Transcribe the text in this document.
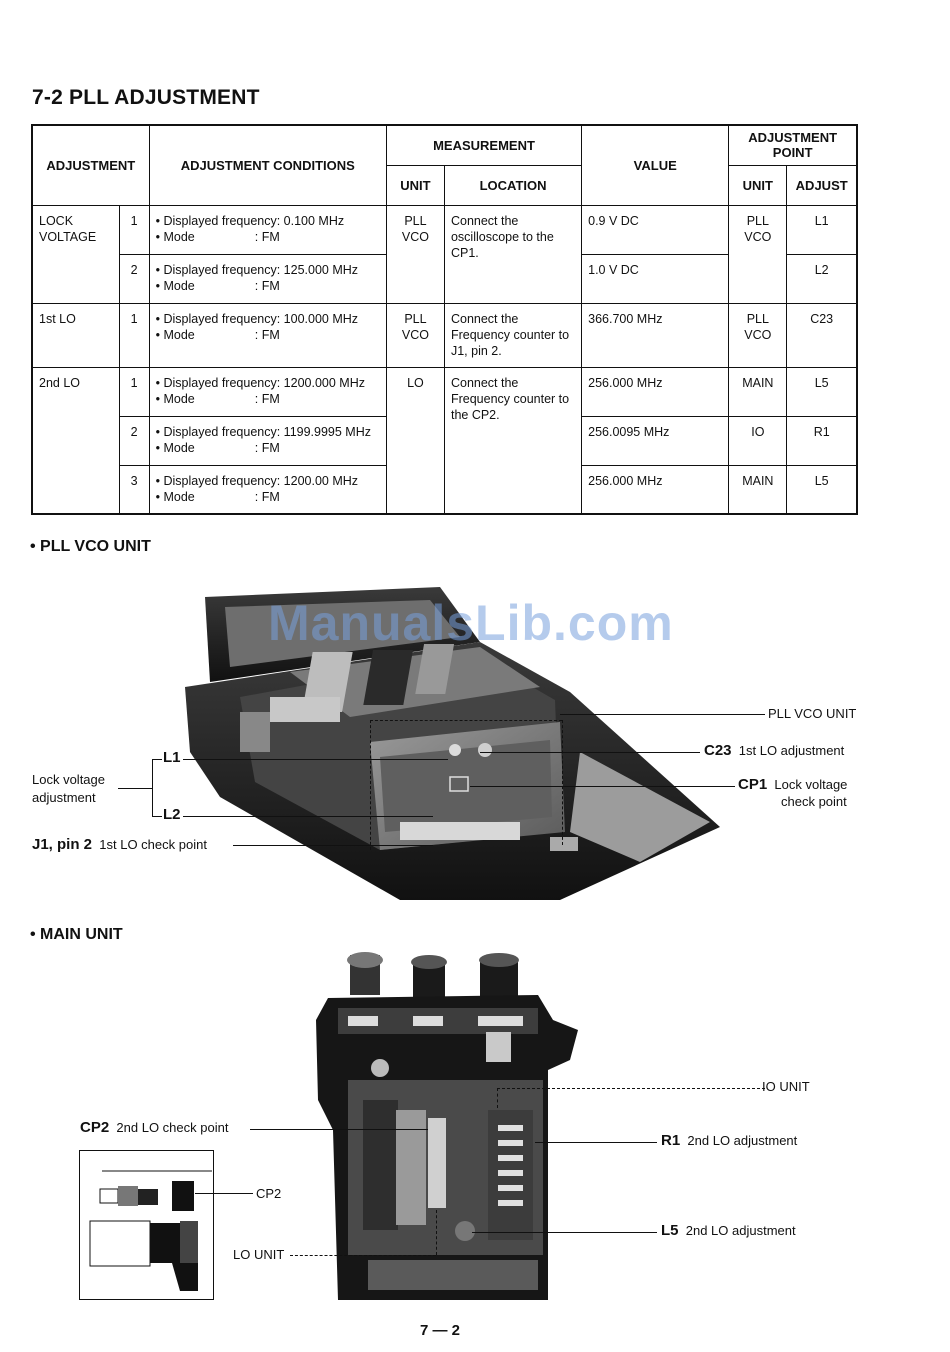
7-2 PLL ADJUSTMENT
ADJUSTMENT		ADJUSTMENT CONDITIONS	MEASUREMENT		VALUE	ADJUSTMENT POINT	
			UNIT	LOCATION		UNIT	ADJUST
LOCK VOLTAGE	1	• Displayed frequency: 0.100 MHz
• Mode : FM	PLL VCO	Connect the oscilloscope to the CP1.	0.9 V DC	PLL VCO	L1
	2	• Displayed frequency: 125.000 MHz
• Mode : FM			1.0 V DC		L2
1st LO	1	• Displayed frequency: 100.000 MHz
• Mode : FM	PLL VCO	Connect the Frequency counter to J1, pin 2.	366.700 MHz	PLL VCO	C23
2nd LO	1	• Displayed frequency: 1200.000 MHz
• Mode : FM	LO	Connect the Frequency counter to the CP2.	256.000 MHz	MAIN	L5
	2	• Displayed frequency: 1199.9995 MHz
• Mode : FM			256.0095 MHz	IO	R1
	3	• Displayed frequency: 1200.00 MHz
• Mode : FM			256.000 MHz	MAIN	L5
• PLL VCO UNIT
ManualsLib.com
PLL VCO UNIT
C23 1st LO adjustment
CP1 Lock voltage
check point
L1
L2
Lock voltage
adjustment
J1, pin 2 1st LO check point
• MAIN UNIT
IO UNIT
CP2 2nd LO check point
R1 2nd LO adjustment
L5 2nd LO adjustment
CP2
LO UNIT
7 — 2
